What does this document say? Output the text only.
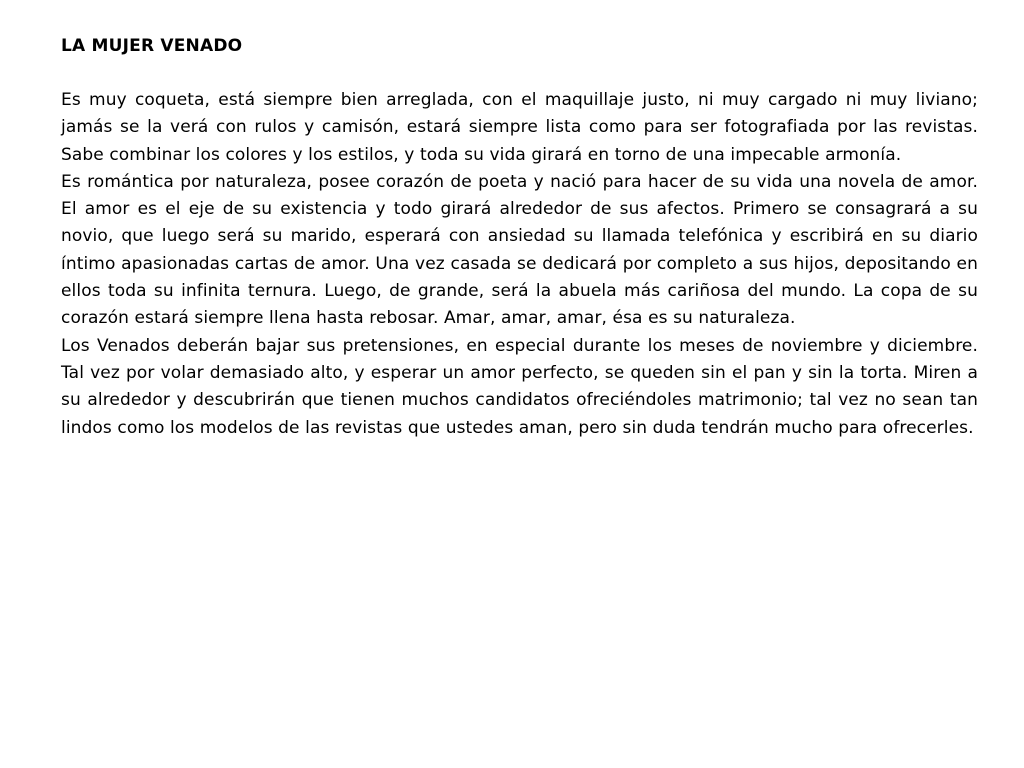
LA MUJER VENADO

Es muy coqueta, está siempre bien arreglada, con el maquillaje justo, ni muy cargado ni muy liviano; jamás se la verá con rulos y camisón, estará siempre lista como para ser fotografiada por las revistas. Sabe combinar los colores y los estilos, y toda su vida girará en torno de una impecable armonía.

Es romántica por naturaleza, posee corazón de poeta y nació para hacer de su vida una novela de amor. El amor es el eje de su existencia y todo girará alrededor de sus afectos. Primero se consagrará a su novio, que luego será su marido, esperará con ansiedad su llamada telefónica y escribirá en su diario íntimo apasionadas cartas de amor. Una vez casada se dedicará por completo a sus hijos, depositando en ellos toda su infinita ternura. Luego, de grande, será la abuela más cariñosa del mundo. La copa de su corazón estará siempre llena hasta rebosar. Amar, amar, amar, ésa es su naturaleza.

Los Venados deberán bajar sus pretensiones, en especial durante los meses de noviembre y diciembre. Tal vez por volar demasiado alto, y esperar un amor perfecto, se queden sin el pan y sin la torta. Miren a su alrededor y descubrirán que tienen muchos candidatos ofreciéndoles matrimonio; tal vez no sean tan lindos como los modelos de las revistas que ustedes aman, pero sin duda tendrán mucho para ofrecerles.
